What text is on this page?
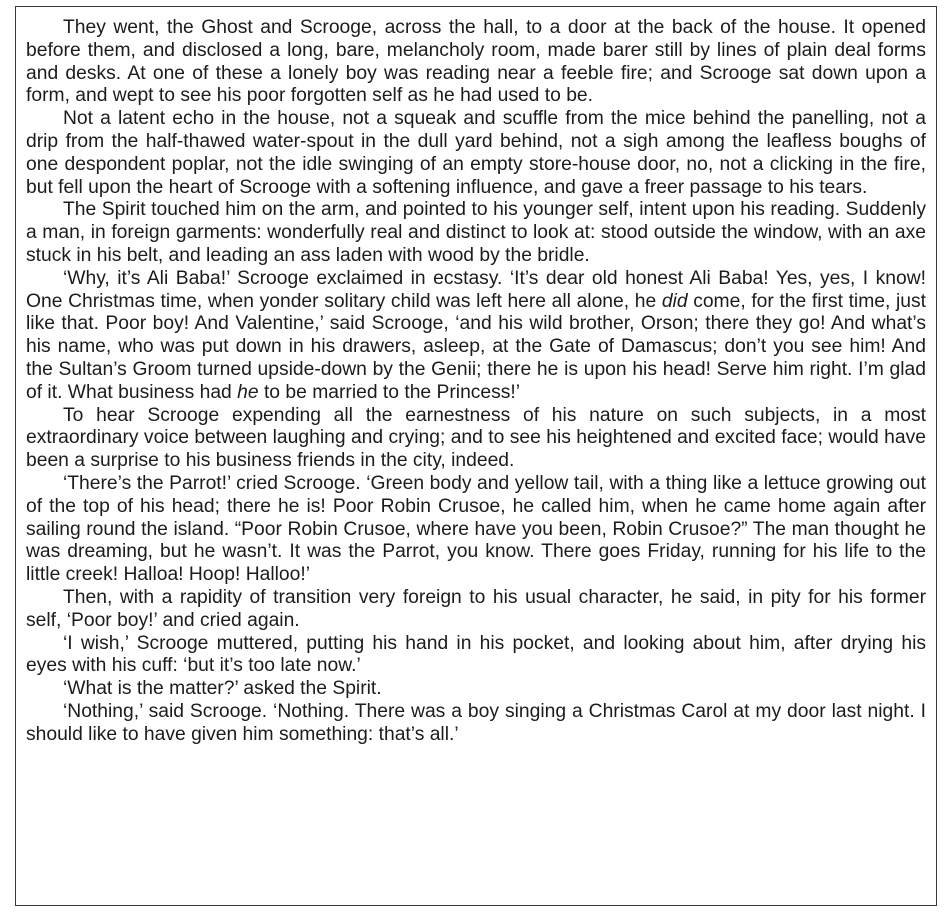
They went, the Ghost and Scrooge, across the hall, to a door at the back of the house. It opened before them, and disclosed a long, bare, melancholy room, made barer still by lines of plain deal forms and desks. At one of these a lonely boy was reading near a feeble fire; and Scrooge sat down upon a form, and wept to see his poor forgotten self as he had used to be.

Not a latent echo in the house, not a squeak and scuffle from the mice behind the panelling, not a drip from the half-thawed water-spout in the dull yard behind, not a sigh among the leafless boughs of one despondent poplar, not the idle swinging of an empty store-house door, no, not a clicking in the fire, but fell upon the heart of Scrooge with a softening influence, and gave a freer passage to his tears.

The Spirit touched him on the arm, and pointed to his younger self, intent upon his reading. Suddenly a man, in foreign garments: wonderfully real and distinct to look at: stood outside the window, with an axe stuck in his belt, and leading an ass laden with wood by the bridle.

‘Why, it’s Ali Baba!’ Scrooge exclaimed in ecstasy. ‘It’s dear old honest Ali Baba! Yes, yes, I know! One Christmas time, when yonder solitary child was left here all alone, he did come, for the first time, just like that. Poor boy! And Valentine,’ said Scrooge, ‘and his wild brother, Orson; there they go! And what’s his name, who was put down in his drawers, asleep, at the Gate of Damascus; don’t you see him! And the Sultan’s Groom turned upside-down by the Genii; there he is upon his head! Serve him right. I’m glad of it. What business had he to be married to the Princess!’

To hear Scrooge expending all the earnestness of his nature on such subjects, in a most extraordinary voice between laughing and crying; and to see his heightened and excited face; would have been a surprise to his business friends in the city, indeed.

‘There’s the Parrot!’ cried Scrooge. ‘Green body and yellow tail, with a thing like a lettuce growing out of the top of his head; there he is! Poor Robin Crusoe, he called him, when he came home again after sailing round the island. “Poor Robin Crusoe, where have you been, Robin Crusoe?” The man thought he was dreaming, but he wasn’t. It was the Parrot, you know. There goes Friday, running for his life to the little creek! Halloa! Hoop! Halloo!’

Then, with a rapidity of transition very foreign to his usual character, he said, in pity for his former self, ‘Poor boy!’ and cried again.

‘I wish,’ Scrooge muttered, putting his hand in his pocket, and looking about him, after drying his eyes with his cuff: ‘but it’s too late now.’

‘What is the matter?’ asked the Spirit.

‘Nothing,’ said Scrooge. ‘Nothing. There was a boy singing a Christmas Carol at my door last night. I should like to have given him something: that’s all.’
